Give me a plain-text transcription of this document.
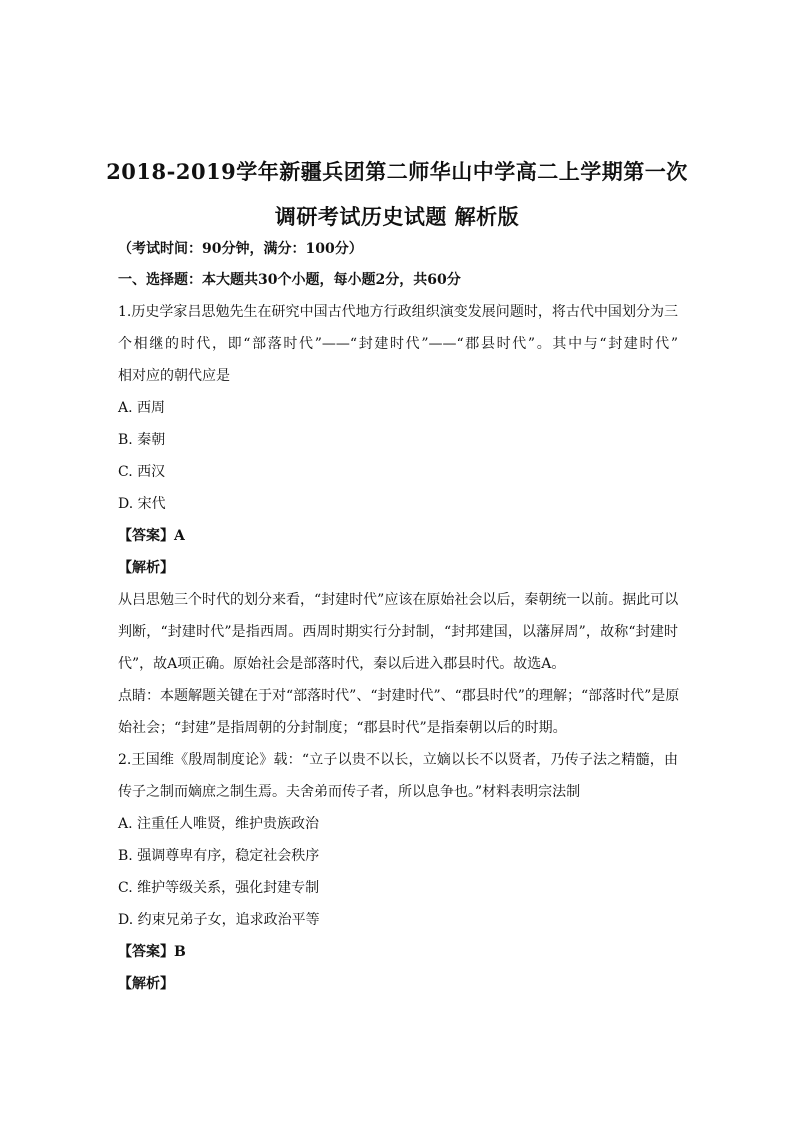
2018-2019学年新疆兵团第二师华山中学高二上学期第一次
调研考试历史试题 解析版
（考试时间：90分钟，满分：100分）
一、选择题：本大题共30个小题，每小题2分，共60分
1.历史学家吕思勉先生在研究中国古代地方行政组织演变发展问题时，将古代中国划分为三
个相继的时代，即“部落时代”——“封建时代”——“郡县时代”。其中与“封建时代”
相对应的朝代应是
A. 西周
B. 秦朝
C. 西汉
D. 宋代
【答案】A
【解析】
从吕思勉三个时代的划分来看，“封建时代”应该在原始社会以后，秦朝统一以前。据此可以
判断，“封建时代”是指西周。西周时期实行分封制，“封邦建国，以藩屏周”，故称“封建时
代”，故A项正确。原始社会是部落时代，秦以后进入郡县时代。故选A。
点睛：本题解题关键在于对“部落时代”、“封建时代”、“郡县时代”的理解；“部落时代”是原
始社会；“封建”是指周朝的分封制度；“郡县时代”是指秦朝以后的时期。
2.王国维《殷周制度论》载：“立子以贵不以长，立嫡以长不以贤者，乃传子法之精髓，由
传子之制而嫡庶之制生焉。夫舍弟而传子者，所以息争也。”材料表明宗法制
A. 注重任人唯贤，维护贵族政治
B. 强调尊卑有序，稳定社会秩序
C. 维护等级关系，强化封建专制
D. 约束兄弟子女，追求政治平等
【答案】B
【解析】
